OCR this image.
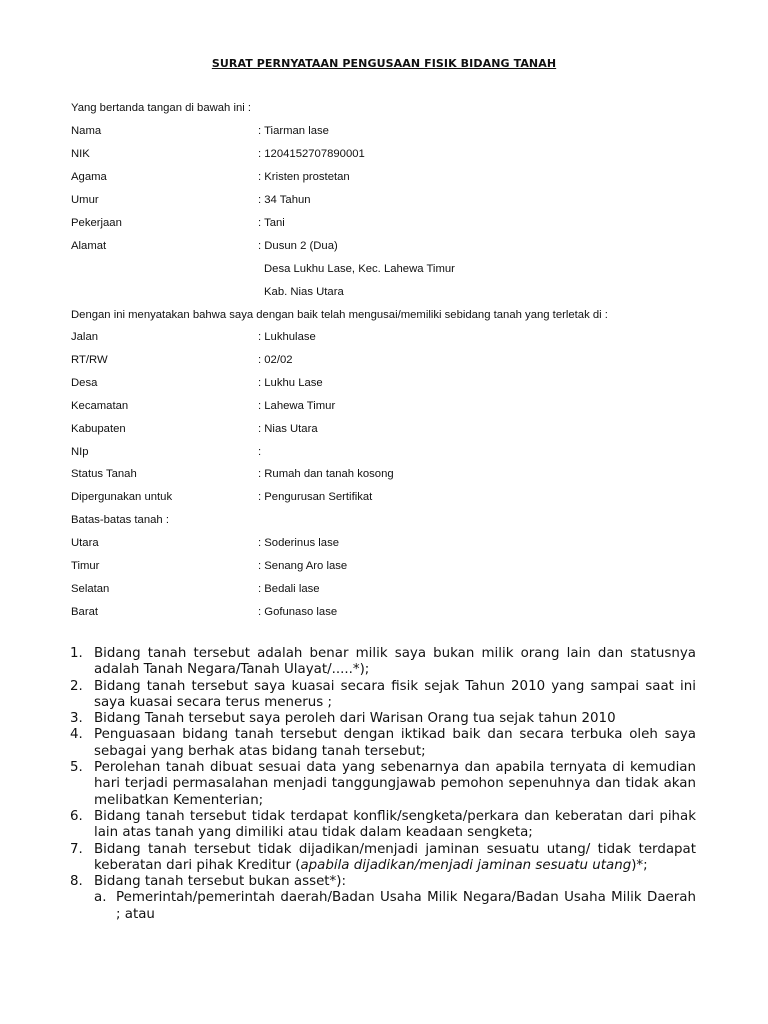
SURAT PERNYATAAN PENGUSAAN FISIK BIDANG TANAH
Yang bertanda tangan di bawah ini :
Nama	: Tiarman lase
NIK	: 1204152707890001
Agama	: Kristen prostetan
Umur	: 34 Tahun
Pekerjaan	: Tani
Alamat	: Dusun 2 (Dua)
Desa Lukhu Lase, Kec. Lahewa Timur
Kab. Nias Utara
Dengan ini menyatakan bahwa saya dengan baik telah mengusai/memiliki sebidang tanah yang terletak di :
Jalan	: Lukhulase
RT/RW	: 02/02
Desa	: Lukhu Lase
Kecamatan	: Lahewa Timur
Kabupaten	: Nias Utara
NIp	:
Status Tanah	: Rumah dan tanah kosong
Dipergunakan untuk	: Pengurusan Sertifikat
Batas-batas tanah :
Utara	: Soderinus lase
Timur	: Senang Aro lase
Selatan	: Bedali lase
Barat	: Gofunaso lase
1. Bidang tanah tersebut adalah benar milik saya bukan milik orang lain dan statusnya adalah Tanah Negara/Tanah Ulayat/.....*);
2. Bidang tanah tersebut saya kuasai secara fisik sejak Tahun 2010 yang sampai saat ini saya kuasai secara terus menerus ;
3. Bidang Tanah tersebut saya peroleh dari Warisan Orang tua sejak tahun 2010
4. Penguasaan bidang tanah tersebut dengan iktikad baik dan secara terbuka oleh saya sebagai yang berhak atas bidang tanah tersebut;
5. Perolehan tanah dibuat sesuai data yang sebenarnya dan apabila ternyata di kemudian hari terjadi permasalahan menjadi tanggungjawab pemohon sepenuhnya dan tidak akan melibatkan Kementerian;
6. Bidang tanah tersebut tidak terdapat konflik/sengketa/perkara dan keberatan dari pihak lain atas tanah yang dimiliki atau tidak dalam keadaan sengketa;
7. Bidang tanah tersebut tidak dijadikan/menjadi jaminan sesuatu utang/ tidak terdapat keberatan dari pihak Kreditur (apabila dijadikan/menjadi jaminan sesuatu utang)*;
8. Bidang tanah tersebut bukan asset*):
a. Pemerintah/pemerintah daerah/Badan Usaha Milik Negara/Badan Usaha Milik Daerah ; atau
